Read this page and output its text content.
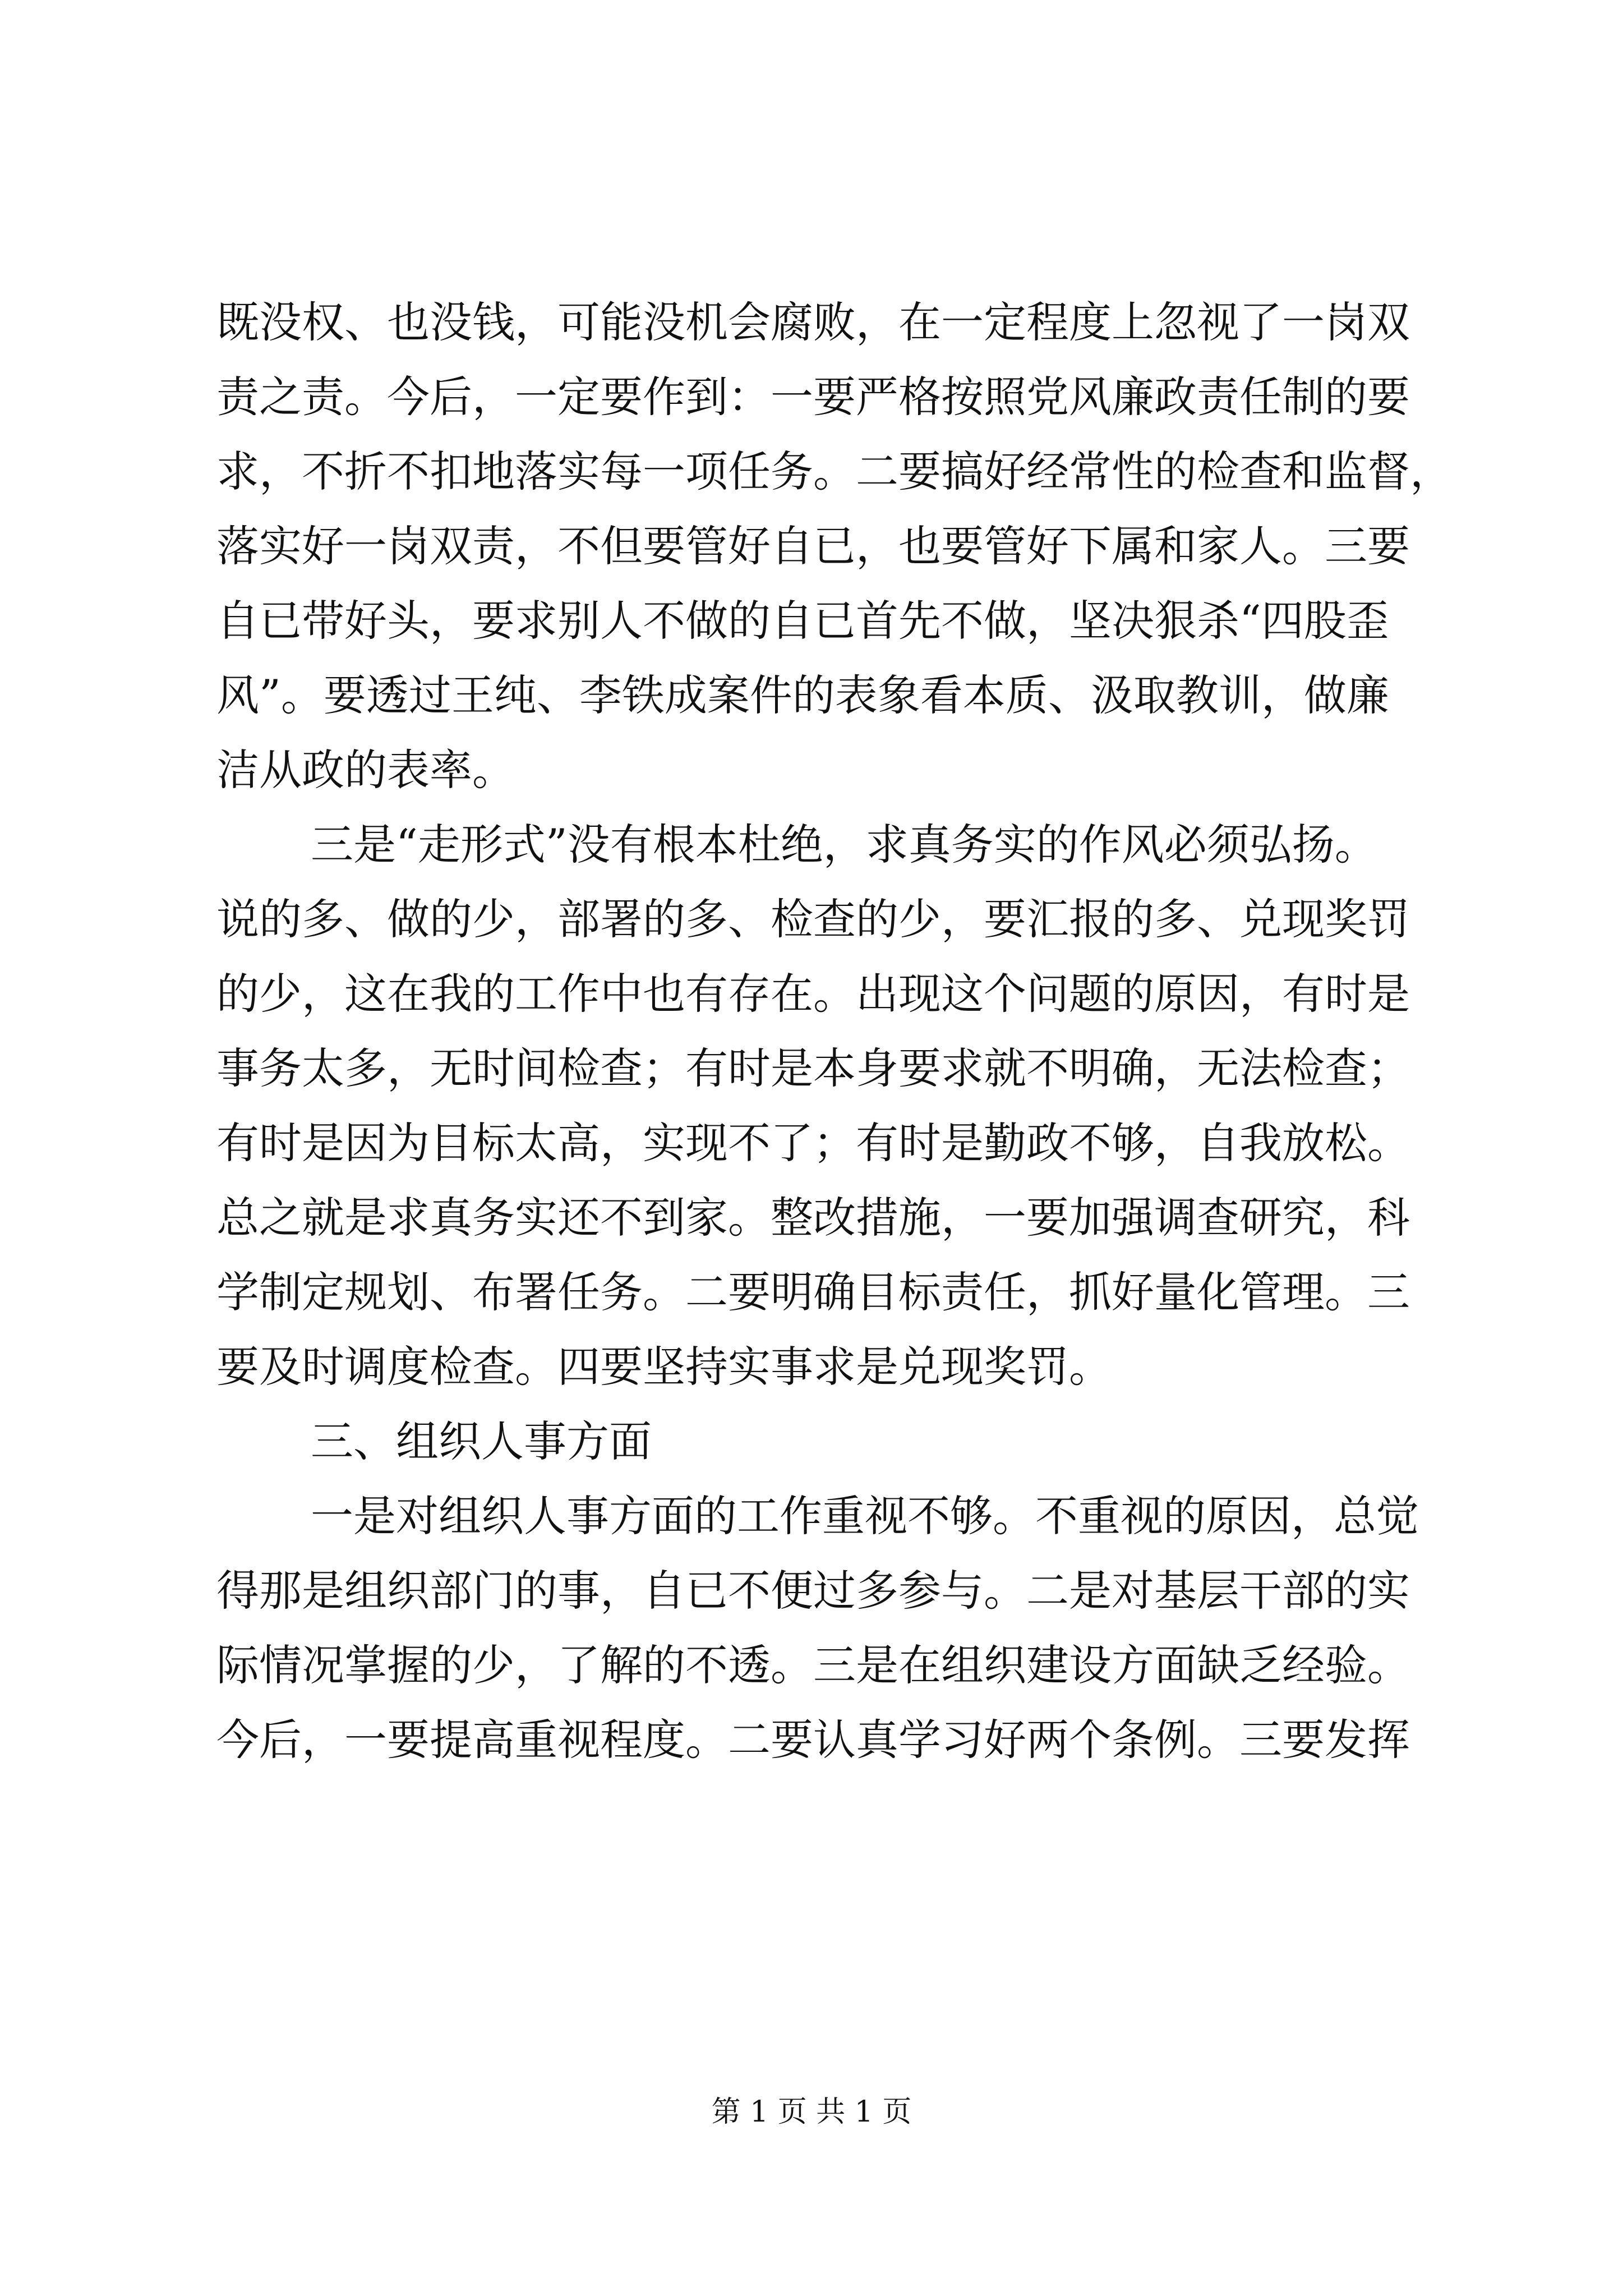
既没权、也没钱，可能没机会腐败，在一定程度上忽视了一岗双
责之责。今后，一定要作到：一要严格按照党风廉政责任制的要
求，不折不扣地落实每一项任务。二要搞好经常性的检查和监督，
落实好一岗双责，不但要管好自已，也要管好下属和家人。三要
自已带好头，要求别人不做的自已首先不做，坚决狠杀“四股歪
风”。要透过王纯、李铁成案件的表象看本质、汲取教训，做廉
洁从政的表率。
三是“走形式”没有根本杜绝，求真务实的作风必须弘扬。
说的多、做的少，部署的多、检查的少，要汇报的多、兑现奖罚
的少，这在我的工作中也有存在。出现这个问题的原因，有时是
事务太多，无时间检查；有时是本身要求就不明确，无法检查；
有时是因为目标太高，实现不了；有时是勤政不够，自我放松。
总之就是求真务实还不到家。整改措施，一要加强调查研究，科
学制定规划、布署任务。二要明确目标责任，抓好量化管理。三
要及时调度检查。四要坚持实事求是兑现奖罚。
三、组织人事方面
一是对组织人事方面的工作重视不够。不重视的原因，总觉
得那是组织部门的事，自已不便过多参与。二是对基层干部的实
际情况掌握的少，了解的不透。三是在组织建设方面缺乏经验。
今后，一要提高重视程度。二要认真学习好两个条例。三要发挥
第 1 页 共 1 页
